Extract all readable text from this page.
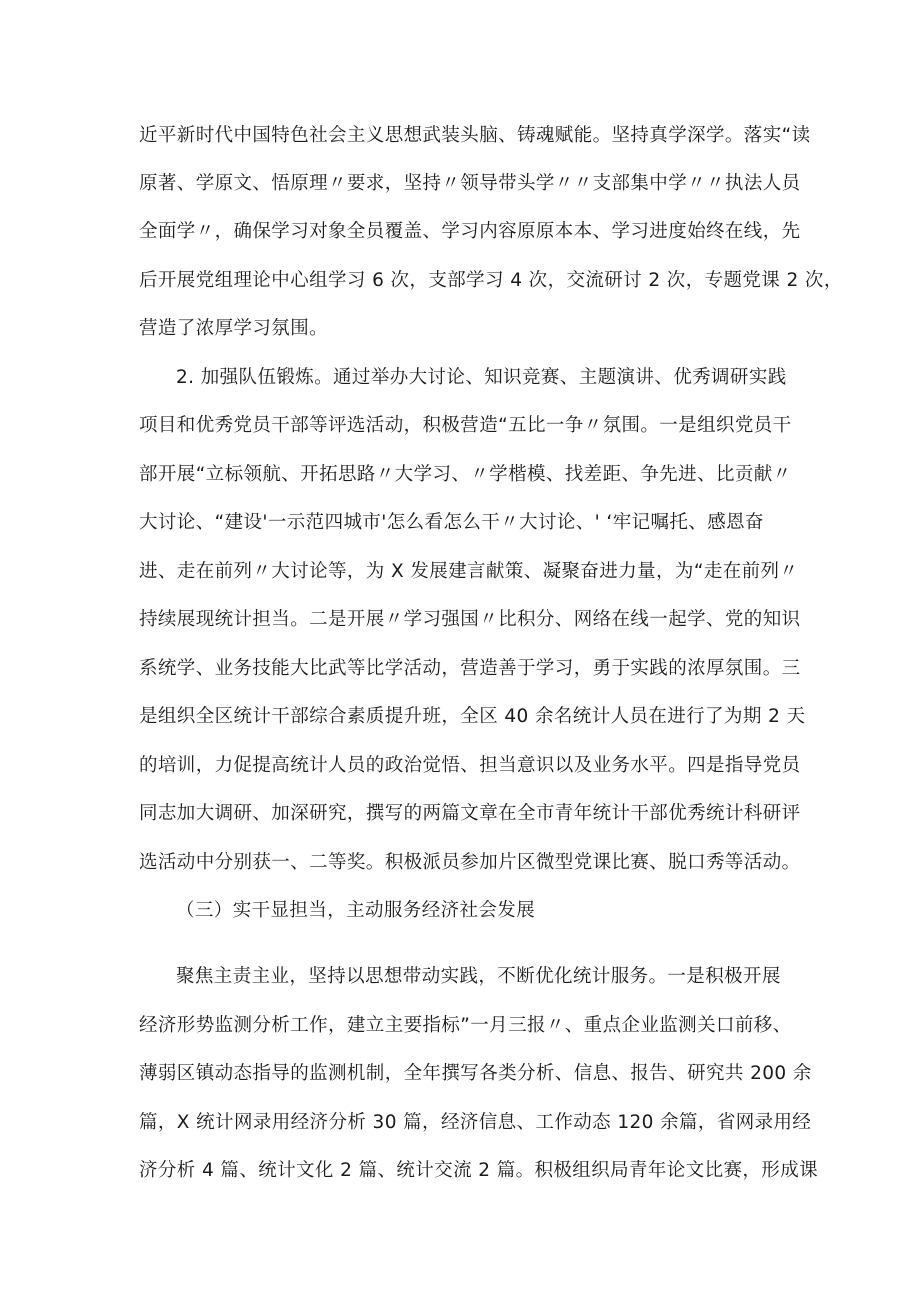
近平新时代中国特色社会主义思想武装头脑、铸魂赋能。坚持真学深学。落实“读
原著、学原文、悟原理〃要求，坚持〃领导带头学〃〃支部集中学〃〃执法人员
全面学〃，确保学习对象全员覆盖、学习内容原原本本、学习进度始终在线，先
后开展党组理论中心组学习 6 次，支部学习 4 次，交流研讨 2 次，专题党课 2 次，
营造了浓厚学习氛围。
2. 加强队伍锻炼。通过举办大讨论、知识竞赛、主题演讲、优秀调研实践
项目和优秀党员干部等评选活动，积极营造“五比一争〃氛围。一是组织党员干
部开展“立标领航、开拓思路〃大学习、〃学楷模、找差距、争先进、比贡献〃
大讨论、“建设'一示范四城市'怎么看怎么干〃大讨论、' ‘牢记嘱托、感恩奋
进、走在前列〃大讨论等，为 X 发展建言献策、凝聚奋进力量，为“走在前列〃
持续展现统计担当。二是开展〃学习强国〃比积分、网络在线一起学、党的知识
系统学、业务技能大比武等比学活动，营造善于学习，勇于实践的浓厚氛围。三
是组织全区统计干部综合素质提升班，全区 40 余名统计人员在进行了为期 2 天
的培训，力促提高统计人员的政治觉悟、担当意识以及业务水平。四是指导党员
同志加大调研、加深研究，撰写的两篇文章在全市青年统计干部优秀统计科研评
选活动中分别获一、二等奖。积极派员参加片区微型党课比赛、脱口秀等活动。
（三）实干显担当，主动服务经济社会发展
聚焦主责主业，坚持以思想带动实践，不断优化统计服务。一是积极开展
经济形势监测分析工作，建立主要指标”一月三报〃、重点企业监测关口前移、
薄弱区镇动态指导的监测机制，全年撰写各类分析、信息、报告、研究共 200 余
篇，X 统计网录用经济分析 30 篇，经济信息、工作动态 120 余篇，省网录用经
济分析 4 篇、统计文化 2 篇、统计交流 2 篇。积极组织局青年论文比赛，形成课
